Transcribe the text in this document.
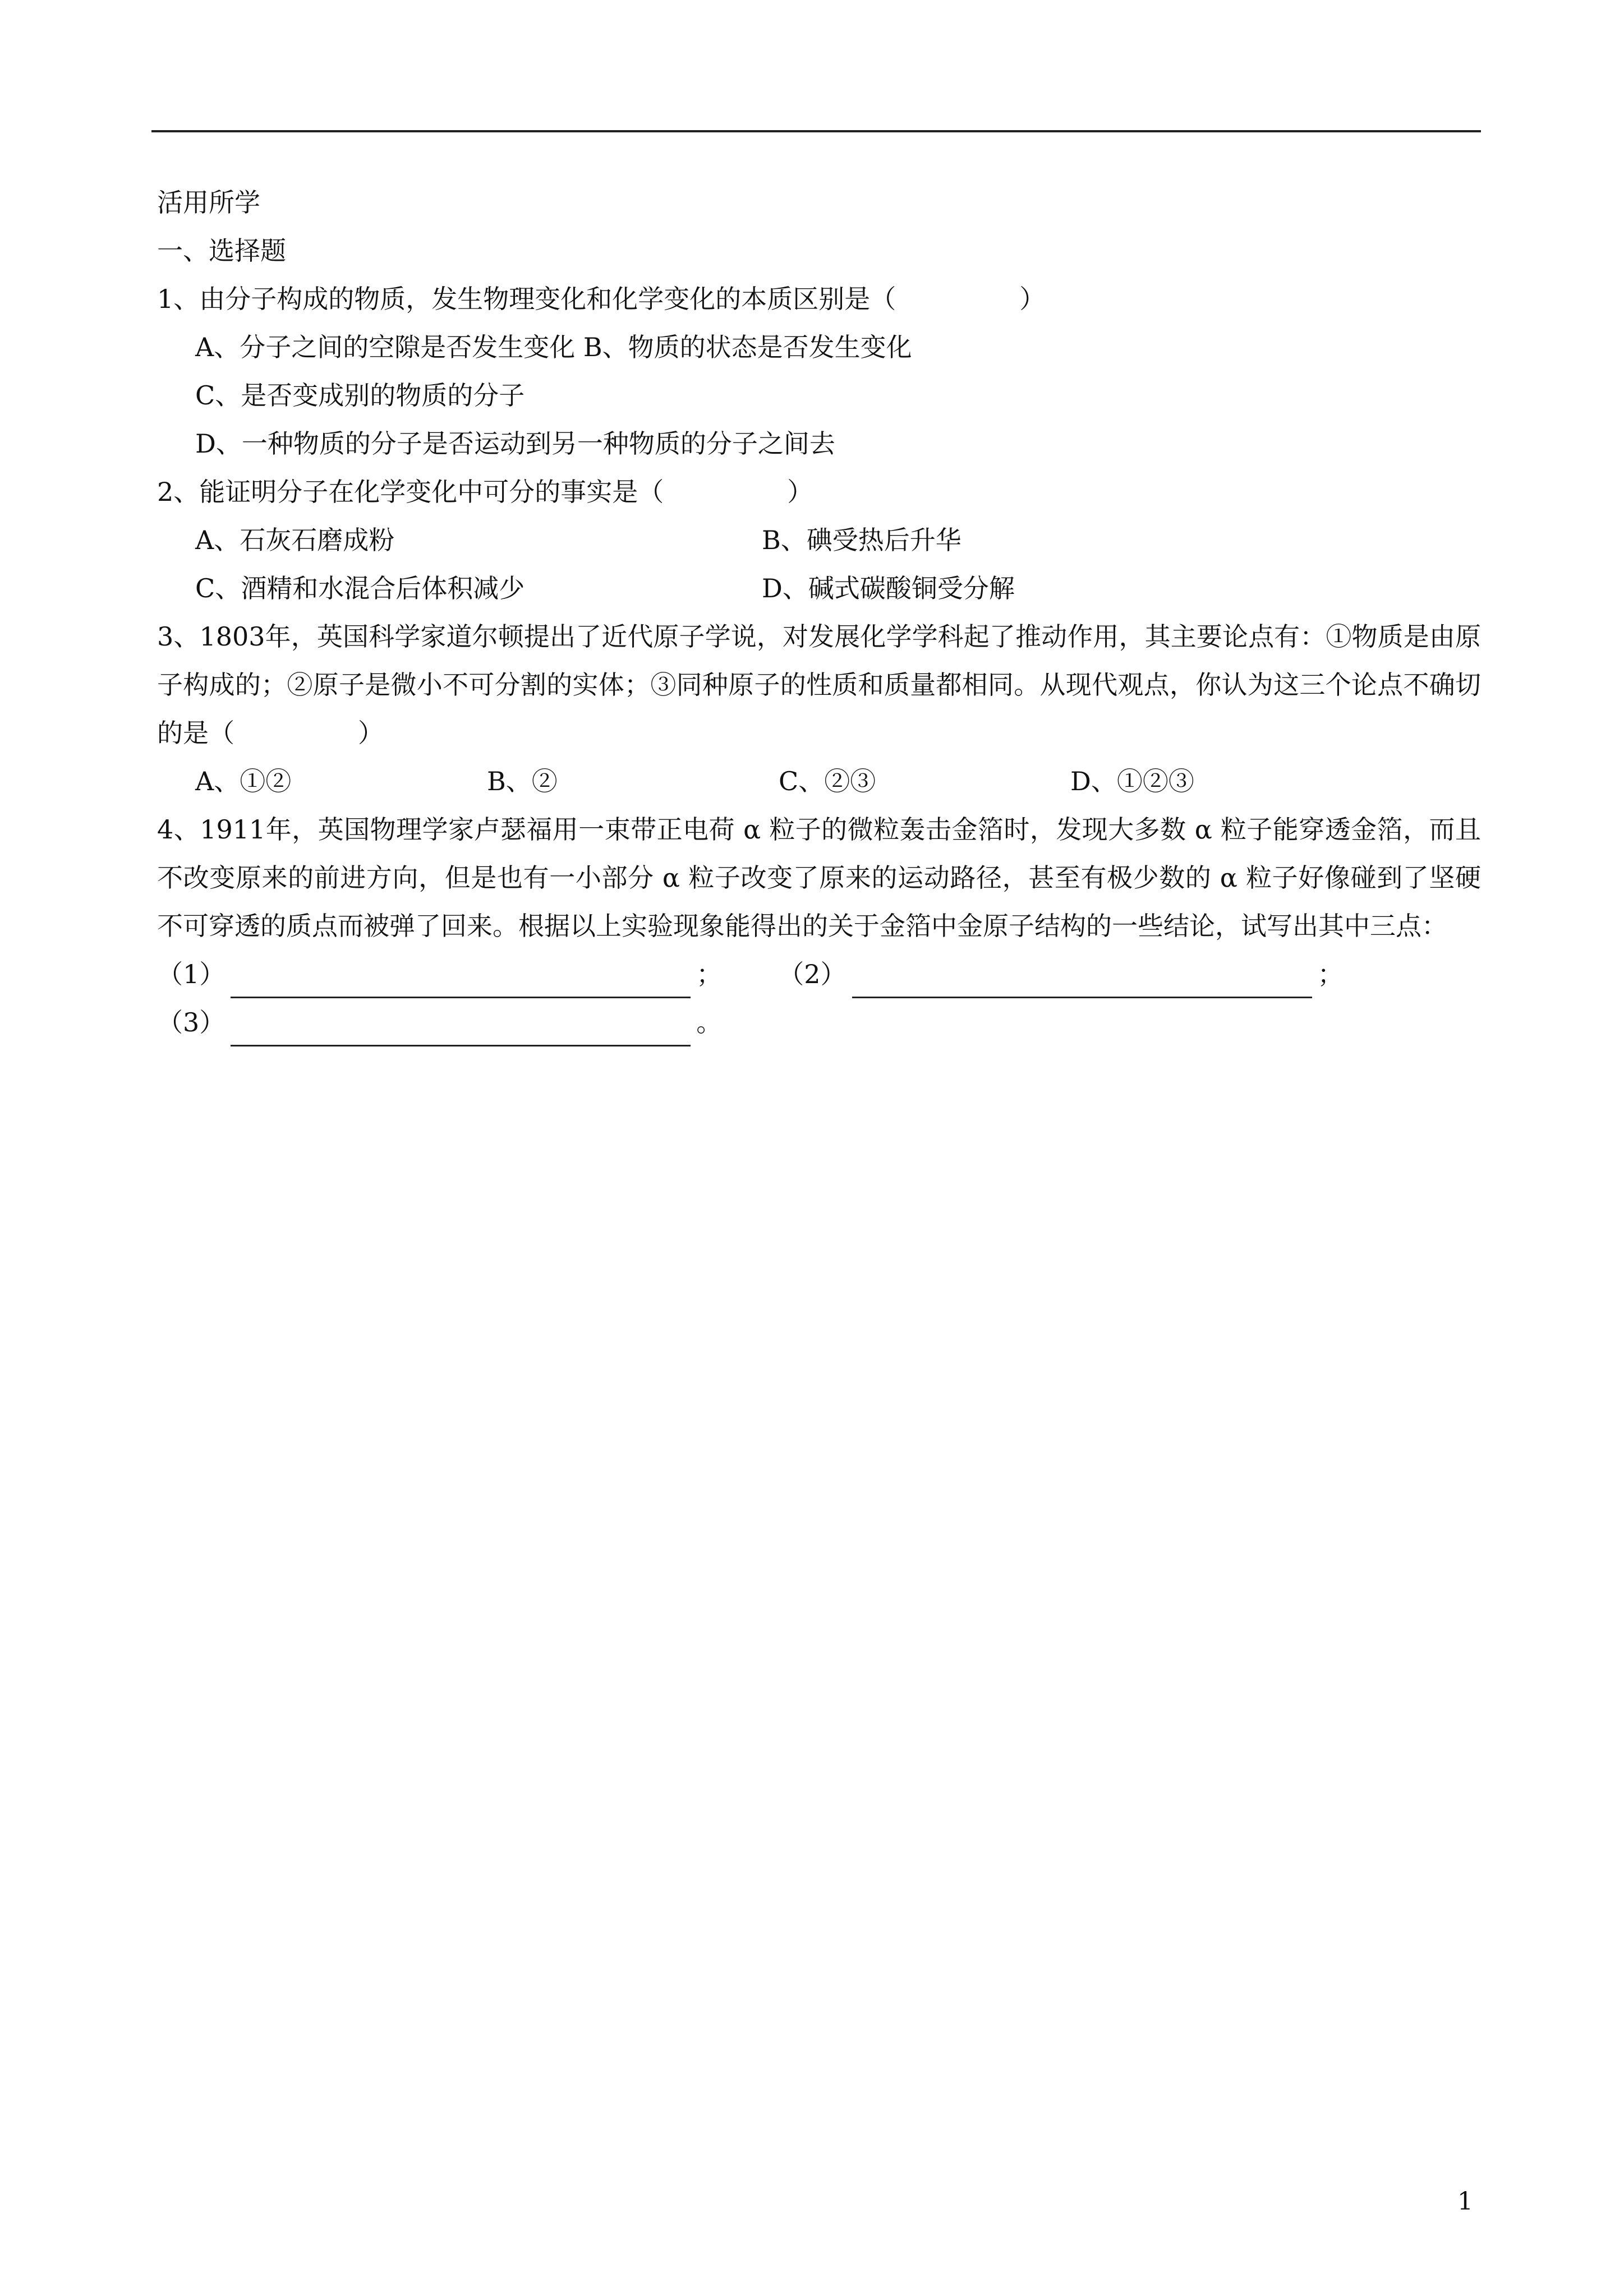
活用所学
一、选择题
1、由分子构成的物质，发生物理变化和化学变化的本质区别是（	）
A、分子之间的空隙是否发生变化 B、物质的状态是否发生变化
C、是否变成别的物质的分子
D、一种物质的分子是否运动到另一种物质的分子之间去
2、能证明分子在化学变化中可分的事实是（	）
A、石灰石磨成粉	B、碘受热后升华
C、酒精和水混合后体积减少	D、碱式碳酸铜受分解
3、1803年，英国科学家道尔顿提出了近代原子学说，对发展化学学科起了推动作用，其主要论点有：①物质是由原子构成的；②原子是微小不可分割的实体；③同种原子的性质和质量都相同。从现代观点，你认为这三个论点不确切的是（	）
A、①②	B、②	C、②③	D、①②③
4、1911年，英国物理学家卢瑟福用一束带正电荷 α 粒子的微粒轰击金箔时，发现大多数 α 粒子能穿透金箔，而且不改变原来的前进方向，但是也有一小部分 α 粒子改变了原来的运动路径，甚至有极少数的 α 粒子好像碰到了坚硬不可穿透的质点而被弹了回来。根据以上实验现象能得出的关于金箔中金原子结构的一些结论，试写出其中三点：
（1）	； （2）	；
（3）	。
1
